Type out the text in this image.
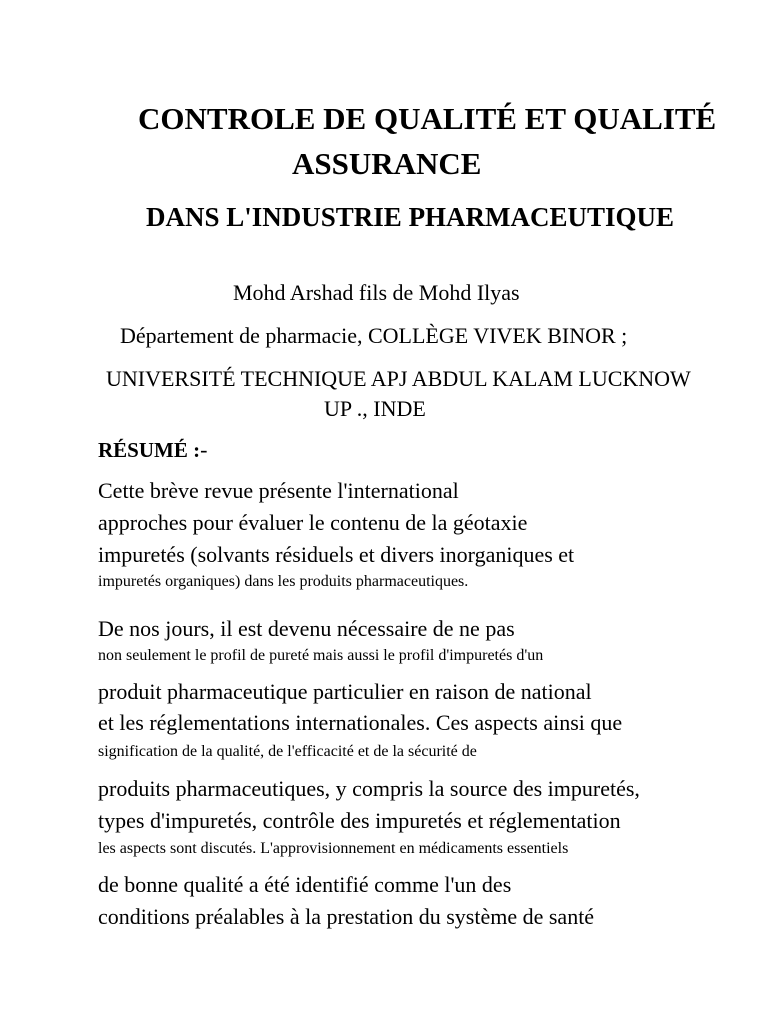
CONTROLE DE QUALITÉ ET QUALITÉ
ASSURANCE
DANS L'INDUSTRIE PHARMACEUTIQUE

Mohd Arshad fils de Mohd Ilyas

Département de pharmacie, COLLÈGE VIVEK BINOR ;

UNIVERSITÉ TECHNIQUE APJ ABDUL KALAM LUCKNOW

UP ., INDE

RÉSUMÉ :-

Cette brève revue présente l'international

approches pour évaluer le contenu de la géotaxie

impuretés (solvants résiduels et divers inorganiques et

impuretés organiques) dans les produits pharmaceutiques.

De nos jours, il est devenu nécessaire de ne pas

non seulement le profil de pureté mais aussi le profil d'impuretés d'un

produit pharmaceutique particulier en raison de national

et les réglementations internationales. Ces aspects ainsi que

signification de la qualité, de l'efficacité et de la sécurité de

produits pharmaceutiques, y compris la source des impuretés,

types d'impuretés, contrôle des impuretés et réglementation

les aspects sont discutés. L'approvisionnement en médicaments essentiels

de bonne qualité a été identifié comme l'un des

conditions préalables à la prestation du système de santé
